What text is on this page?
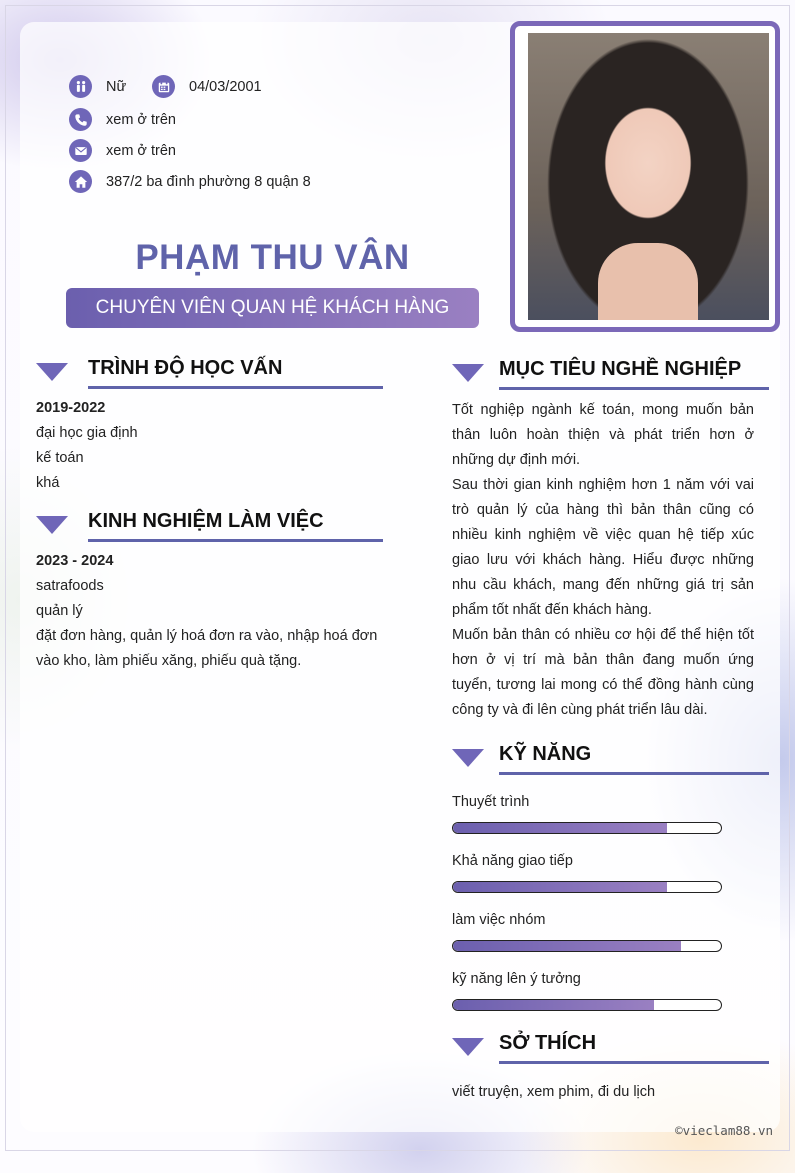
Nữ	04/03/2001
xem ở trên
xem ở trên
387/2 ba đình phường 8 quận 8
PHẠM THU VÂN
CHUYÊN VIÊN QUAN HỆ KHÁCH HÀNG
TRÌNH ĐỘ HỌC VẤN
2019-2022
đại học gia định
kế toán
khá
KINH NGHIỆM LÀM VIỆC
2023 - 2024
satrafoods
quản lý
đặt đơn hàng, quản lý hoá đơn ra vào, nhập hoá đơn vào kho, làm phiếu xăng, phiếu quà tặng.
MỤC TIÊU NGHỀ NGHIỆP
Tốt nghiệp ngành kế toán, mong muốn bản thân luôn hoàn thiện và phát triển hơn ở những dự định mới.
Sau thời gian kinh nghiệm hơn 1 năm với vai trò quản lý của hàng thì bản thân cũng có nhiều kinh nghiệm về việc quan hệ tiếp xúc giao lưu với khách hàng. Hiểu được những nhu cầu khách, mang đến những giá trị sản phẩm tốt nhất đến khách hàng.
Muốn bản thân có nhiều cơ hội để thể hiện tốt hơn ở vị trí mà bản thân đang muốn ứng tuyển, tương lai mong có thể đồng hành cùng công ty và đi lên cùng phát triển lâu dài.
KỸ NĂNG
Thuyết trình
Khả năng giao tiếp
làm việc nhóm
kỹ năng lên ý tưởng
SỞ THÍCH
viết truyện, xem phim, đi du lịch
©vieclam88.vn
